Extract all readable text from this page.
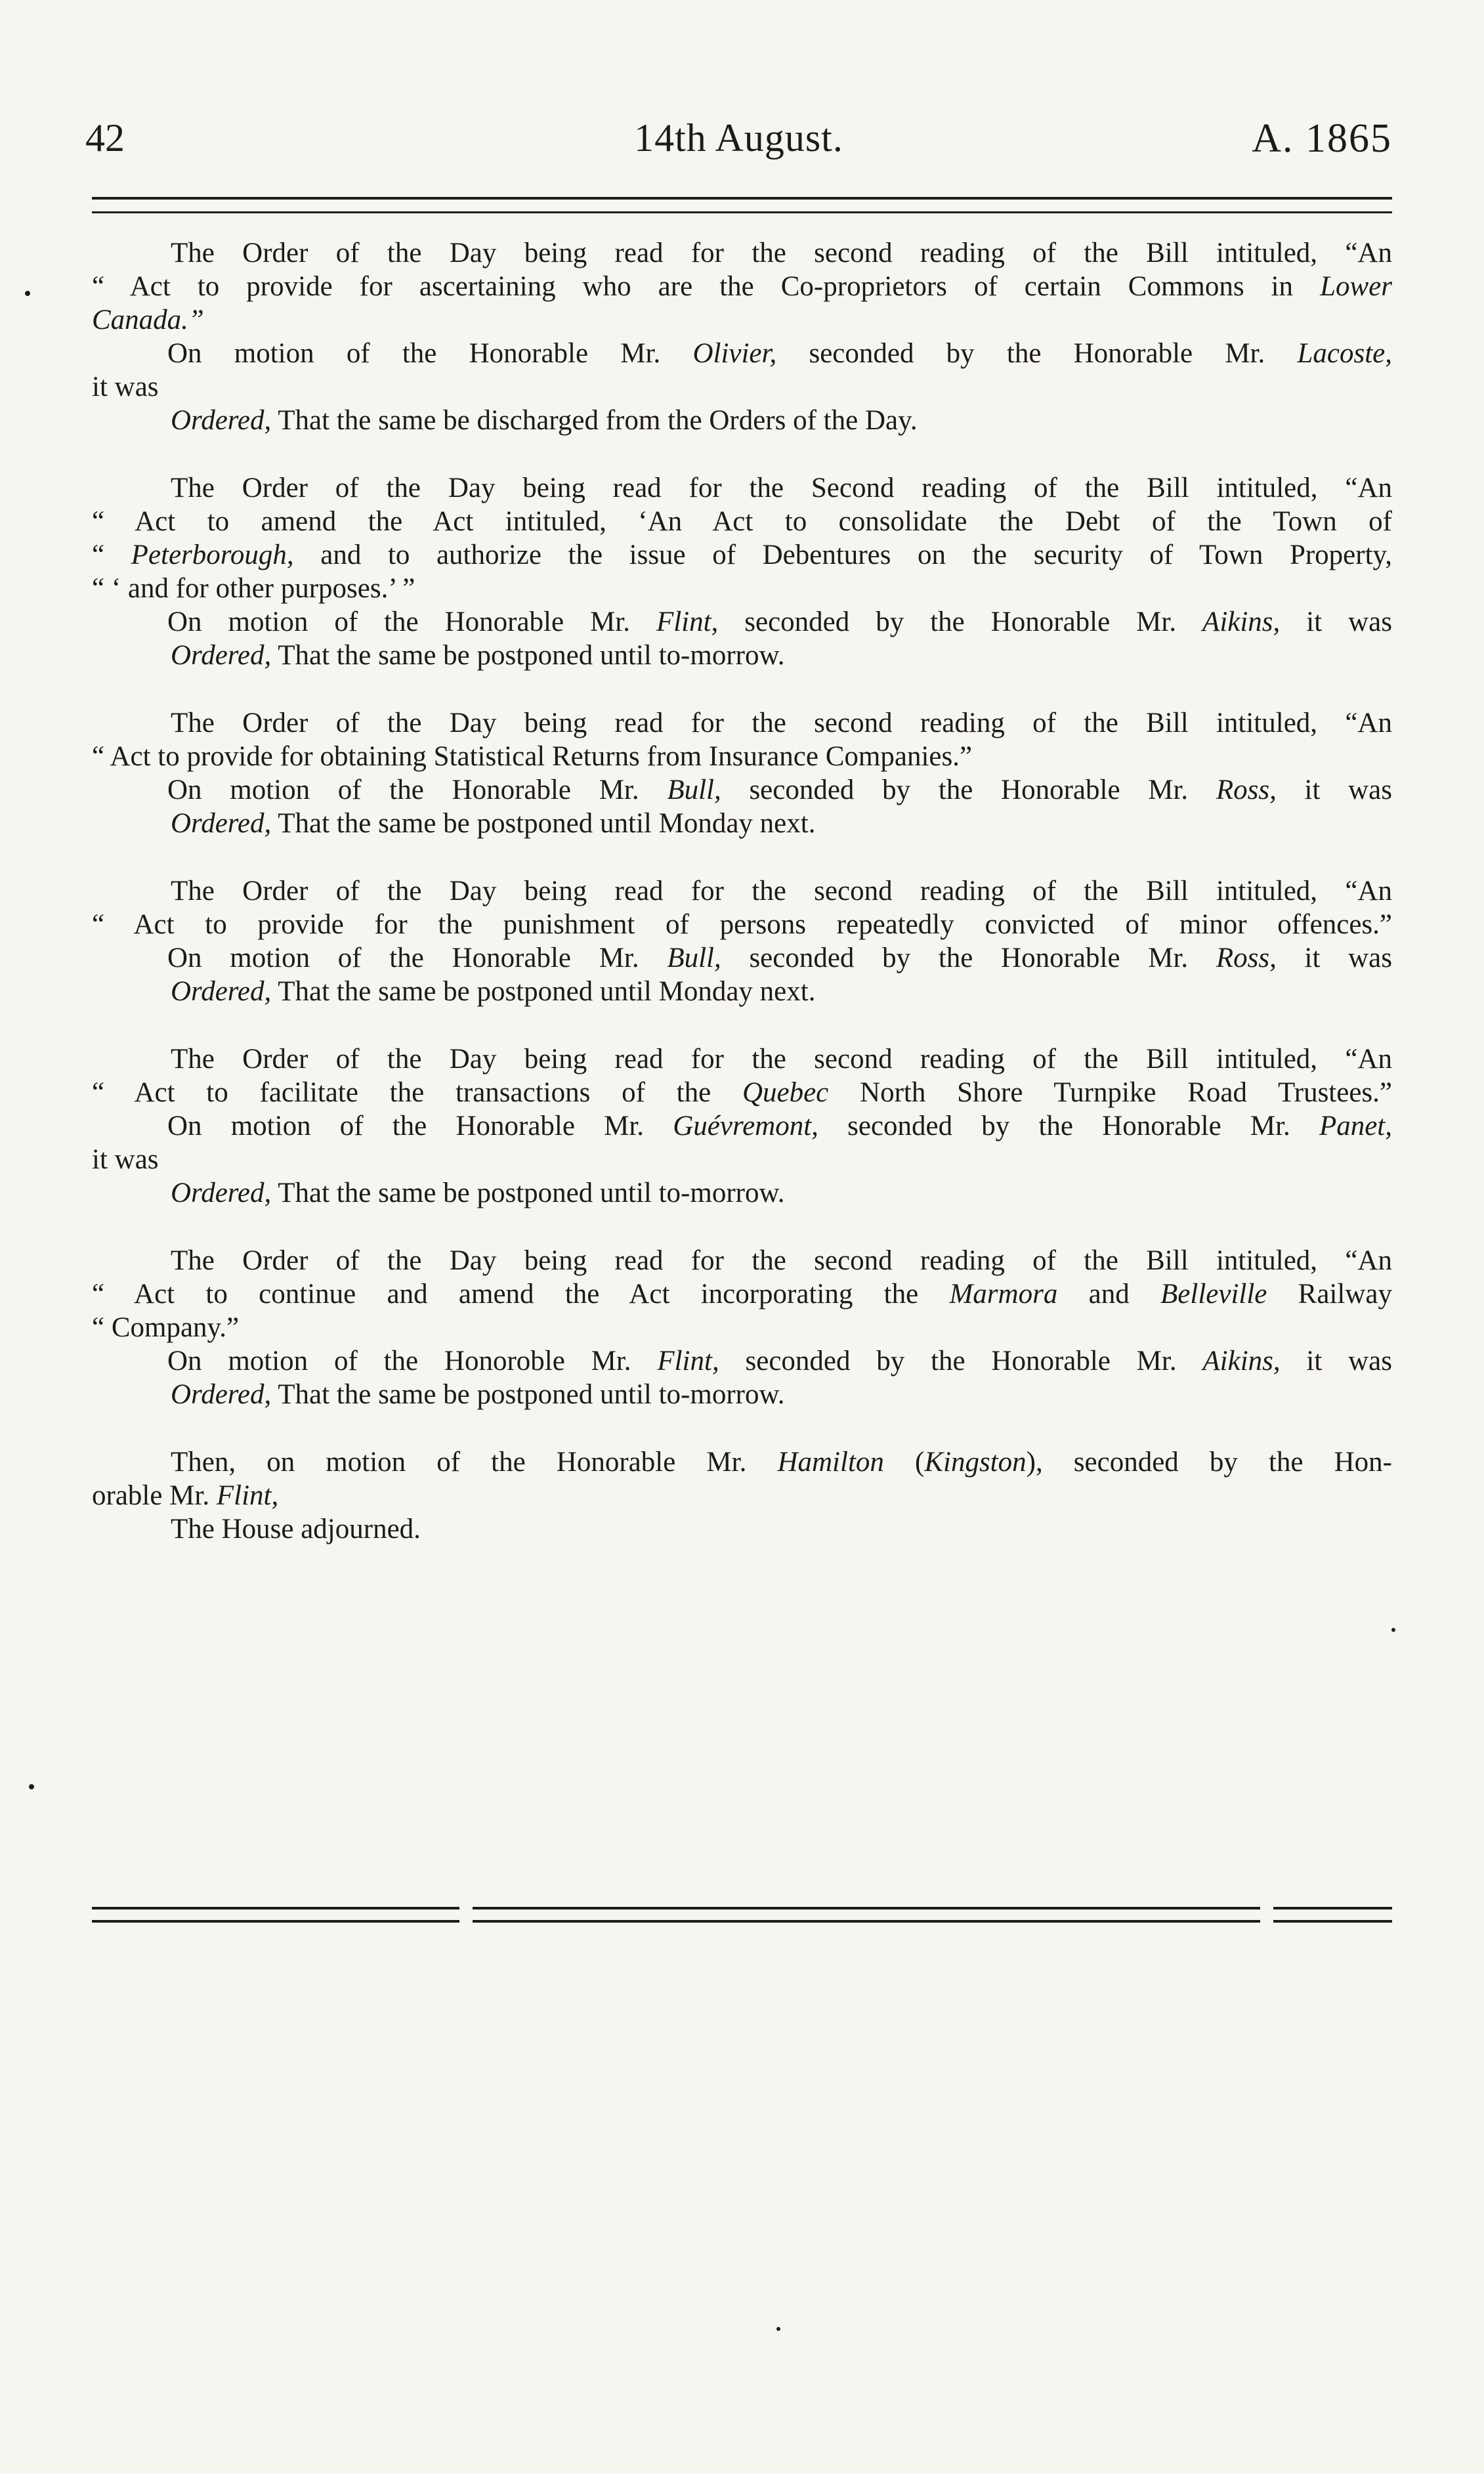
42	14th August.	A. 1865
The Order of the Day being read for the second reading of the Bill intituled, “An
“ Act to provide for ascertaining who are the Co-proprietors of certain Commons in Lower
Canada.”
On motion of the Honorable Mr. Olivier, seconded by the Honorable Mr. Lacoste,
it was
Ordered, That the same be discharged from the Orders of the Day.
The Order of the Day being read for the Second reading of the Bill intituled, “An
“ Act to amend the Act intituled, ‘An Act to consolidate the Debt of the Town of
“ Peterborough, and to authorize the issue of Debentures on the security of Town Property,
“ ‘ and for other purposes.’ ”
On motion of the Honorable Mr. Flint, seconded by the Honorable Mr. Aikins, it was
Ordered, That the same be postponed until to-morrow.
The Order of the Day being read for the second reading of the Bill intituled, “An
“ Act to provide for obtaining Statistical Returns from Insurance Companies.”
On motion of the Honorable Mr. Bull, seconded by the Honorable Mr. Ross, it was
Ordered, That the same be postponed until Monday next.
The Order of the Day being read for the second reading of the Bill intituled, “An
“ Act to provide for the punishment of persons repeatedly convicted of minor offences.”
On motion of the Honorable Mr. Bull, seconded by the Honorable Mr. Ross, it was
Ordered, That the same be postponed until Monday next.
The Order of the Day being read for the second reading of the Bill intituled, “An
“ Act to facilitate the transactions of the Quebec North Shore Turnpike Road Trustees.”
On motion of the Honorable Mr. Guévremont, seconded by the Honorable Mr. Panet,
it was
Ordered, That the same be postponed until to-morrow.
The Order of the Day being read for the second reading of the Bill intituled, “An
“ Act to continue and amend the Act incorporating the Marmora and Belleville Railway
“ Company.”
On motion of the Honoroble Mr. Flint, seconded by the Honorable Mr. Aikins, it was
Ordered, That the same be postponed until to-morrow.
Then, on motion of the Honorable Mr. Hamilton (Kingston), seconded by the Hon-
orable Mr. Flint,
The House adjourned.
